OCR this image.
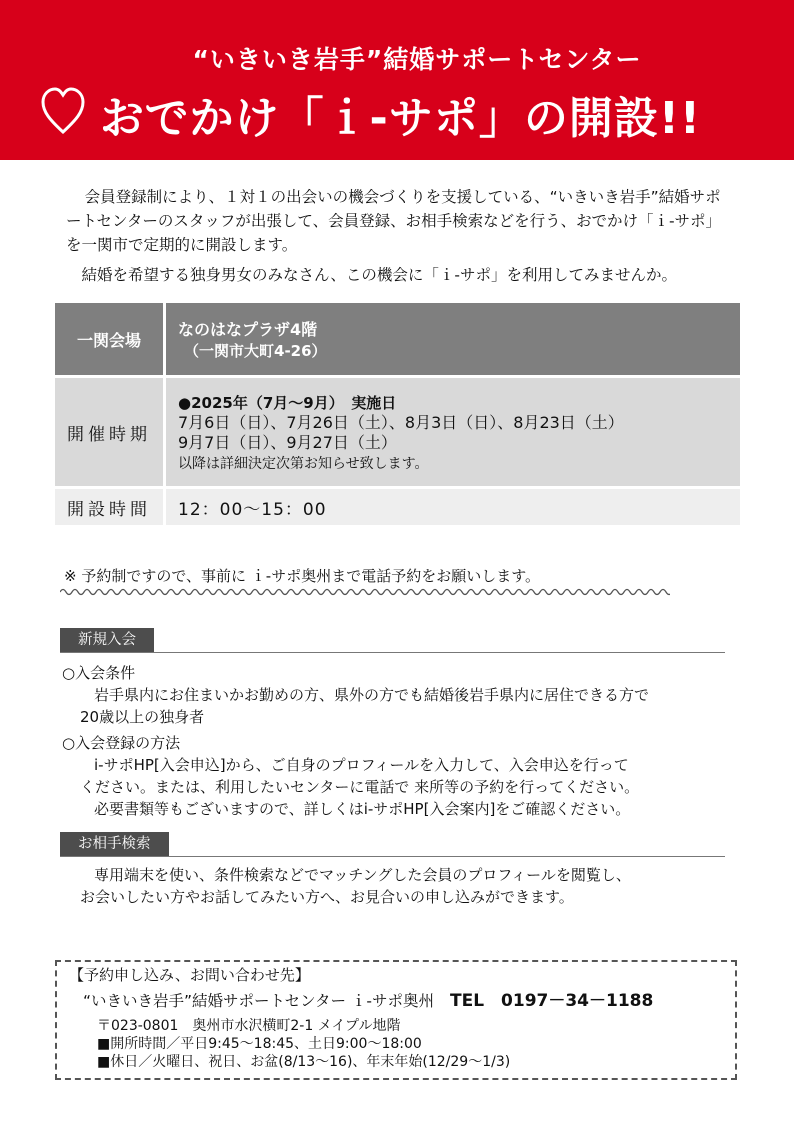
“いきいき岩手”結婚サポートセンター
おでかけ「ｉ-サポ」の開設!!

会員登録制により、１対１の出会いの機会づくりを支援している、“いきいき岩手”結婚サポートセンターのスタッフが出張して、会員登録、お相手検索などを行う、おでかけ「ｉ-サポ」を一関市で定期的に開設します。

結婚を希望する独身男女のみなさん、この機会に「ｉ-サポ」を利用してみませんか。

一関会場	なのはなプラザ4階
（一関市大町4-26）

開催時期	●2025年（7月～9月）　実施日
7月6日（日）、7月26日（土）、8月3日（日）、8月23日（土）
9月7日（日）、9月27日（土）
以降は詳細決定次第お知らせ致します。

開設時間	12：00～15：00
※ 予約制ですので、事前に ｉ-サポ奥州まで電話予約をお願いします。
新規入会

○入会条件

岩手県内にお住まいかお勤めの方、県外の方でも結婚後岩手県内に居住できる方で

20歳以上の独身者

○入会登録の方法

i-サポHP[入会申込]から、ご自身のプロフィールを入力して、入会申込を行って

ください。または、利用したいセンターに電話で 来所等の予約を行ってください。

必要書類等もございますので、詳しくはi-サポHP[入会案内]をご確認ください。

お相手検索

専用端末を使い、条件検索などでマッチングした会員のプロフィールを閲覧し、

お会いしたい方やお話してみたい方へ、お見合いの申し込みができます。

【予約申し込み、お問い合わせ先】
“いきいき岩手”結婚サポートセンター ｉ-サポ奥州 TEL　0197－34－1188
〒023-0801　奥州市水沢横町2-1 メイプル地階
■開所時間／平日9:45～18:45、土日9:00～18:00
■休日／火曜日、祝日、お盆(8/13～16)、年末年始(12/29～1/3)
